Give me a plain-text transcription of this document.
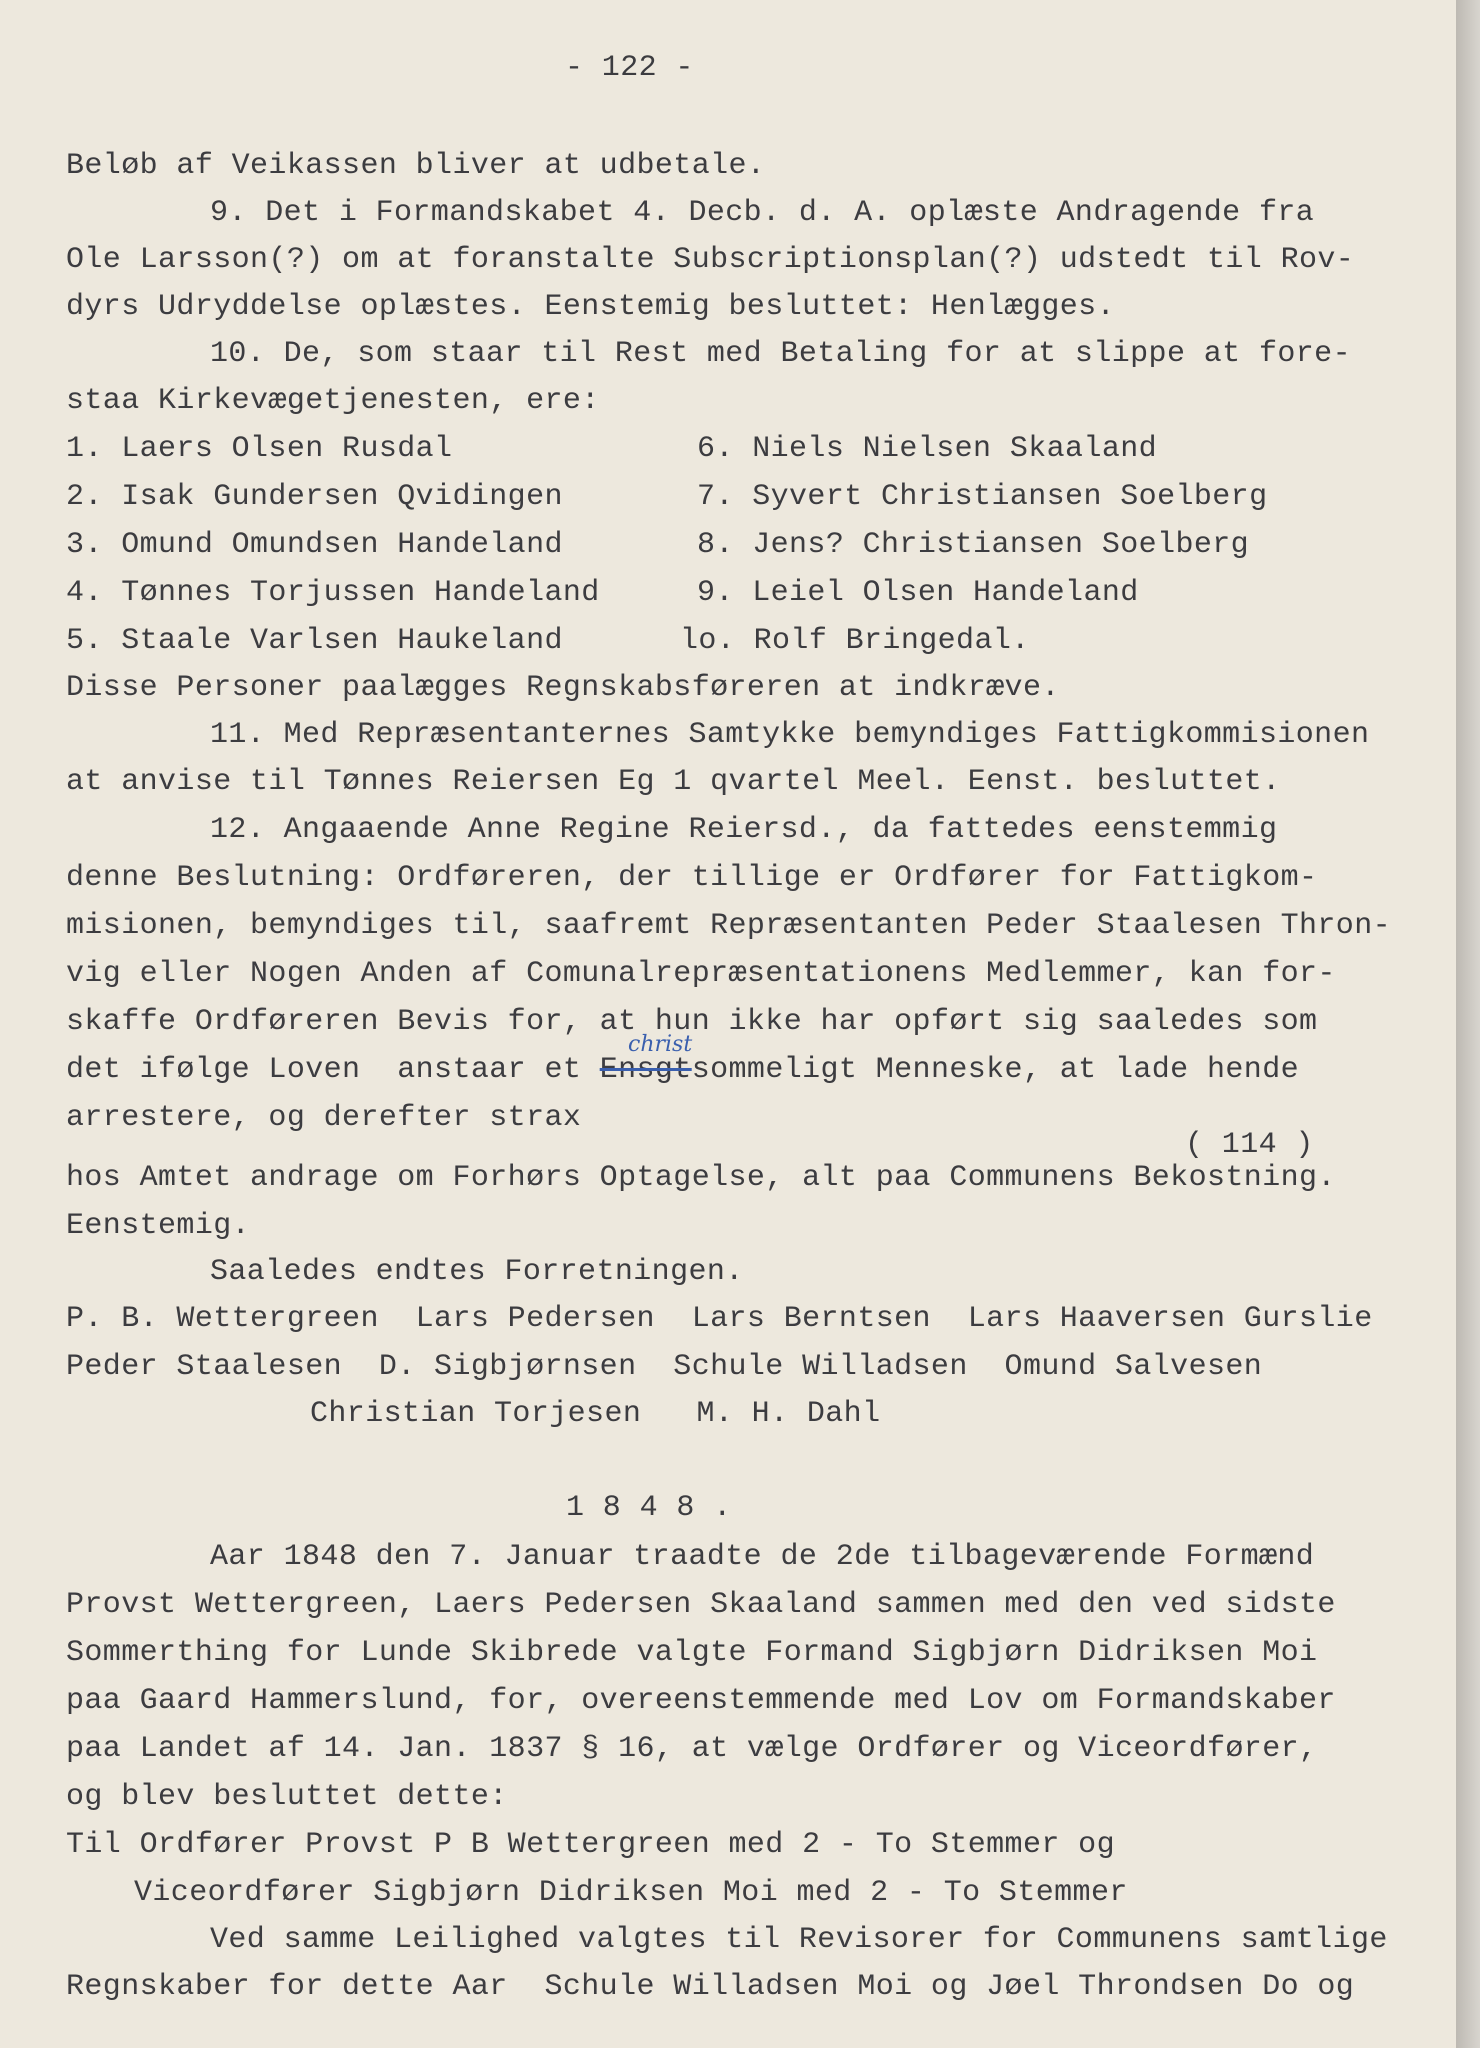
- 122 -
Beløb af Veikassen bliver at udbetale.
9. Det i Formandskabet 4. Decb. d. A. oplæste Andragende fra
Ole Larsson(?) om at foranstalte Subscriptionsplan(?) udstedt til Rov-
dyrs Udryddelse oplæstes. Eenstemig besluttet: Henlægges.
10. De, som staar til Rest med Betaling for at slippe at fore-
staa Kirkevægetjenesten, ere:
1. Laers Olsen Rusdal
2. Isak Gundersen Qvidingen
3. Omund Omundsen Handeland
4. Tønnes Torjussen Handeland
5. Staale Varlsen Haukeland
6. Niels Nielsen Skaaland
7. Syvert Christiansen Soelberg
8. Jens? Christiansen Soelberg
9. Leiel Olsen Handeland
lo. Rolf Bringedal.
Disse Personer paalægges Regnskabsføreren at indkræve.
11. Med Repræsentanternes Samtykke bemyndiges Fattigkommisionen
at anvise til Tønnes Reiersen Eg 1 qvartel Meel. Eenst. besluttet.
12. Angaaende Anne Regine Reiersd., da fattedes eenstemmig
denne Beslutning: Ordføreren, der tillige er Ordfører for Fattigkom-
misionen, bemyndiges til, saafremt Repræsentanten Peder Staalesen Thron-
vig eller Nogen Anden af Comunalrepræsentationens Medlemmer, kan for-
skaffe Ordføreren Bevis for, at hun ikke har opført sig saaledes som
christ
det ifølge Loven  anstaar et Ensgtsommeligt Menneske, at lade hende
arrestere, og derefter strax
( 114 )
hos Amtet andrage om Forhørs Optagelse, alt paa Communens Bekostning.
Eenstemig.
Saaledes endtes Forretningen.
P. B. Wettergreen  Lars Pedersen  Lars Berntsen  Lars Haaversen Gurslie
Peder Staalesen  D. Sigbjørnsen  Schule Willadsen  Omund Salvesen
Christian Torjesen   M. H. Dahl
1 8 4 8 .
Aar 1848 den 7. Januar traadte de 2de tilbageværende Formænd
Provst Wettergreen, Laers Pedersen Skaaland sammen med den ved sidste
Sommerthing for Lunde Skibrede valgte Formand Sigbjørn Didriksen Moi
paa Gaard Hammerslund, for, overeenstemmende med Lov om Formandskaber
paa Landet af 14. Jan. 1837 § 16, at vælge Ordfører og Viceordfører,
og blev besluttet dette:
Til Ordfører Provst P B Wettergreen med 2 - To Stemmer og
Viceordfører Sigbjørn Didriksen Moi med 2 - To Stemmer
Ved samme Leilighed valgtes til Revisorer for Communens samtlige
Regnskaber for dette Aar  Schule Willadsen Moi og Jøel Throndsen Do og
